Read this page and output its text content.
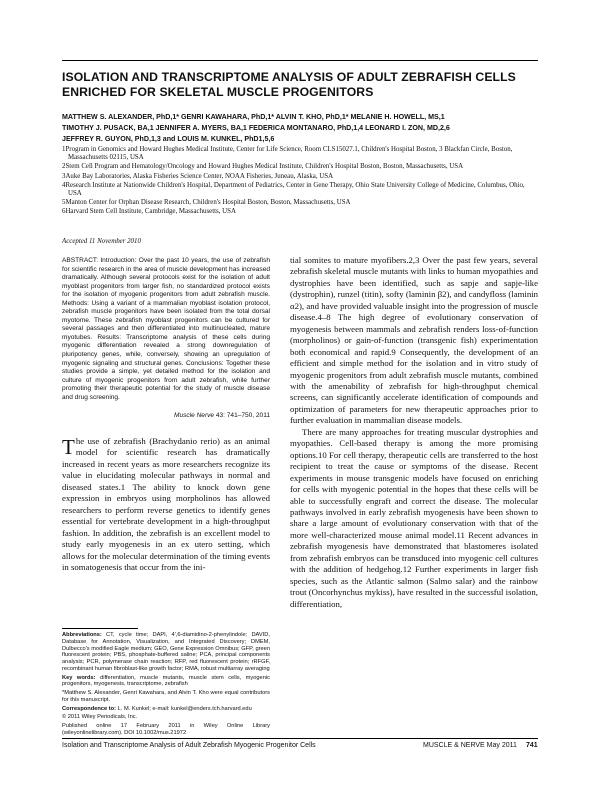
ISOLATION AND TRANSCRIPTOME ANALYSIS OF ADULT ZEBRAFISH CELLS ENRICHED FOR SKELETAL MUSCLE PROGENITORS
MATTHEW S. ALEXANDER, PhD,1* GENRI KAWAHARA, PhD,1* ALVIN T. KHO, PhD,1* MELANIE H. HOWELL, MS,1
TIMOTHY J. PUSACK, BA,1 JENNIFER A. MYERS, BA,1 FEDERICA MONTANARO, PhD,1,4 LEONARD I. ZON, MD,2,6
JEFFREY R. GUYON, PhD,1,3 and LOUIS M. KUNKEL, PhD1,5,6

1Program in Genomics and Howard Hughes Medical Institute, Center for Life Science, Room CLS15027.1, Children's Hospital Boston, 3 Blackfan Circle, Boston, Massachusetts 02115, USA

2Stem Cell Program and Hematology/Oncology and Howard Hughes Medical Institute, Children's Hospital Boston, Boston, Massachusetts, USA

3Auke Bay Laboratories, Alaska Fisheries Science Center, NOAA Fisheries, Juneau, Alaska, USA

4Research Institute at Nationwide Children's Hospital, Department of Pediatrics, Center in Gene Therapy, Ohio State University College of Medicine, Columbus, Ohio, USA

5Manton Center for Orphan Disease Research, Children's Hospital Boston, Boston, Massachusetts, USA

6Harvard Stem Cell Institute, Cambridge, Massachusetts, USA

Accepted 11 November 2010
ABSTRACT: Introduction: Over the past 10 years, the use of zebrafish for scientific research in the area of muscle development has increased dramatically. Although several protocols exist for the isolation of adult myoblast progenitors from larger fish, no standardized protocol exists for the isolation of myogenic progenitors from adult zebrafish muscle. Methods: Using a variant of a mammalian myoblast isolation protocol, zebrafish muscle progenitors have been isolated from the total dorsal myotome. These zebrafish myoblast progenitors can be cultured for several passages and then differentiated into multinucleated, mature myotubes. Results: Transcriptome analysis of these cells during myogenic differentiation revealed a strong downregulation of pluripotency genes, while, conversely, showing an upregulation of myogenic signaling and structural genes. Conclusions: Together these studies provide a simple, yet detailed method for the isolation and culture of myogenic progenitors from adult zebrafish, while further promoting their therapeutic potential for the study of muscle disease and drug screening.
Muscle Nerve 43: 741–750, 2011
The use of zebrafish (Brachydanio rerio) as an animal model for scientific research has dramatically increased in recent years as more researchers recognize its value in elucidating molecular pathways in normal and diseased states.1 The ability to knock down gene expression in embryos using morpholinos has allowed researchers to perform reverse genetics to identify genes essential for vertebrate development in a high-throughput fashion. In addition, the zebrafish is an excellent model to study early myogenesis in an ex utero setting, which allows for the molecular determination of the timing events in somatogenesis that occur from the ini-

tial somites to mature myofibers.2,3 Over the past few years, several zebrafish skeletal muscle mutants with links to human myopathies and dystrophies have been identified, such as sapje and sapje-like (dystrophin), runzel (titin), softy (laminin β2), and candyfloss (laminin α2), and have provided valuable insight into the progression of muscle disease.4–8 The high degree of evolutionary conservation of myogenesis between mammals and zebrafish renders loss-of-function (morpholinos) or gain-of-function (transgenic fish) experimentation both economical and rapid.9 Consequently, the development of an efficient and simple method for the isolation and in vitro study of myogenic progenitors from adult zebrafish muscle mutants, combined with the amenability of zebrafish for high-throughput chemical screens, can significantly accelerate identification of compounds and optimization of parameters for new therapeutic approaches prior to further evaluation in mammalian disease models.

There are many approaches for treating muscular dystrophies and myopathies. Cell-based therapy is among the more promising options.10 For cell therapy, therapeutic cells are transferred to the host recipient to treat the cause or symptoms of the disease. Recent experiments in mouse transgenic models have focused on enriching for cells with myogenic potential in the hopes that these cells will be able to successfully engraft and correct the disease. The molecular pathways involved in early zebrafish myogenesis have been shown to share a large amount of evolutionary conservation with that of the more well-characterized mouse animal model.11 Recent advances in zebrafish myogenesis have demonstrated that blastomeres isolated from zebrafish embryos can be transduced into myogenic cell cultures with the addition of hedgehog.12 Further experiments in larger fish species, such as the Atlantic salmon (Salmo salar) and the rainbow trout (Oncorhynchus mykiss), have resulted in the successful isolation, differentiation,

Abbreviations: CT, cycle time; DAPI, 4′,6-diamidino-2-phenylindole; DAVID, Database for Annotation, Visualization, and Integrated Discovery; DMEM, Dulbecco's modified Eagle medium; GEO, Gene Expression Omnibus; GFP, green fluorescent protein; PBS, phosphate-buffered saline; PCA, principal components analysis; PCR, polymerase chain reaction; RFP, red fluorescent protein; rRFGF, recombinant human fibroblast-like growth factor; RMA, robust multiarray averaging

Key words: differentiation, muscle mutants, muscle stem cells, myogenic progenitors, myogenesis, transcriptome, zebrafish

*Matthew S. Alexander, Genri Kawahara, and Alvin T. Kho were equal contributors for this manuscript.

Correspondence to: L. M. Kunkel; e-mail: kunkel@enders.tch.harvard.edu

© 2011 Wiley Periodicals, Inc.

Published online 17 February 2011 in Wiley Online Library (wileyonlinelibrary.com). DOI 10.1002/mus.21972

Isolation and Transcriptome Analysis of Adult Zebrafish Myogenic Progenitor Cells	MUSCLE & NERVE May 2011 741
